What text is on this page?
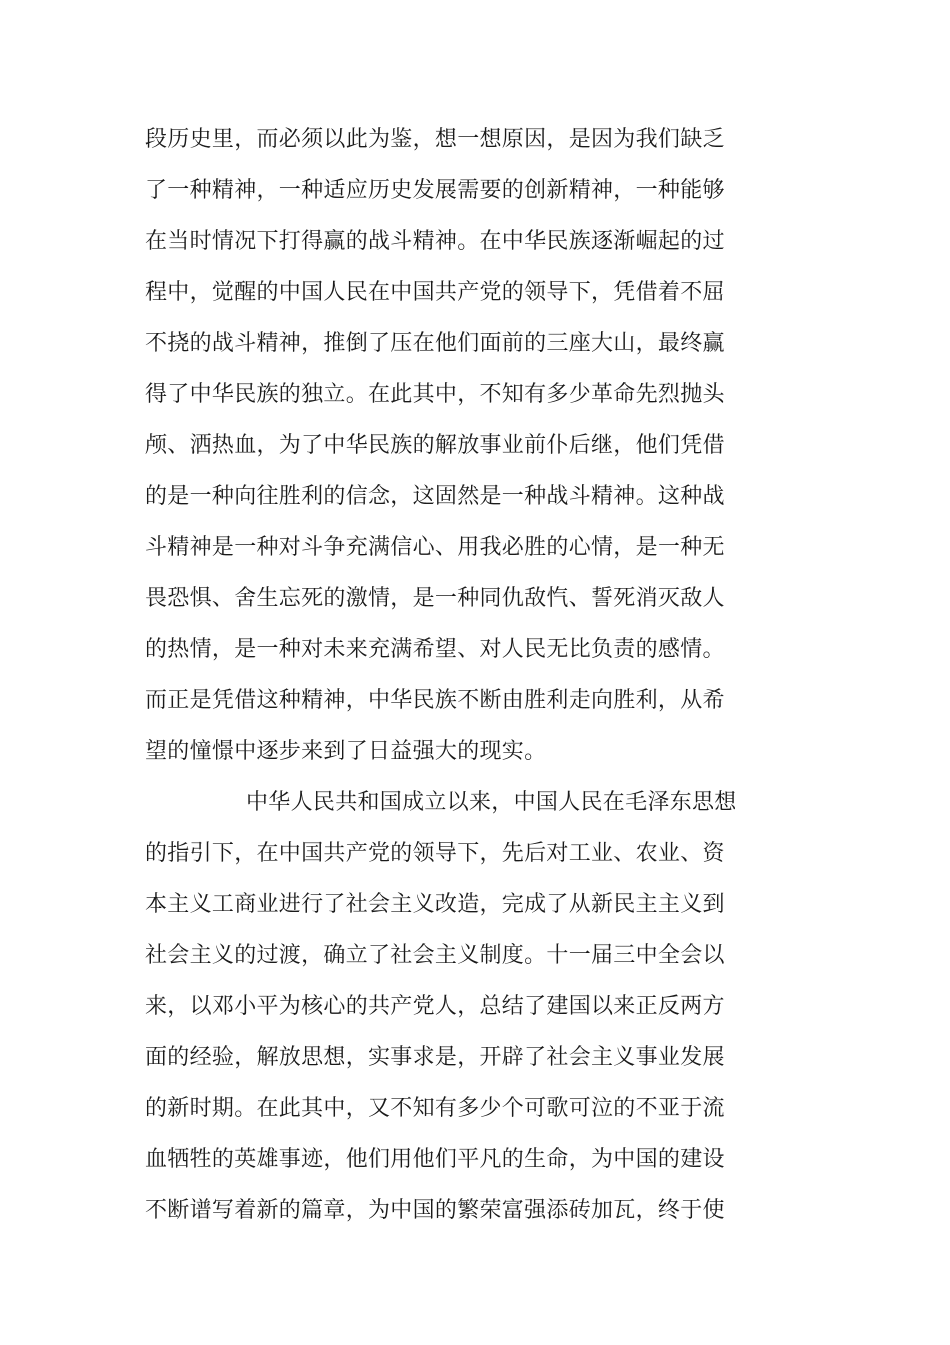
段历史里，而必须以此为鉴，想一想原因，是因为我们缺乏
了一种精神，一种适应历史发展需要的创新精神，一种能够
在当时情况下打得赢的战斗精神。在中华民族逐渐崛起的过
程中，觉醒的中国人民在中国共产党的领导下，凭借着不屈
不挠的战斗精神，推倒了压在他们面前的三座大山，最终赢
得了中华民族的独立。在此其中，不知有多少革命先烈抛头
颅、洒热血，为了中华民族的解放事业前仆后继，他们凭借
的是一种向往胜利的信念，这固然是一种战斗精神。这种战
斗精神是一种对斗争充满信心、用我必胜的心情，是一种无
畏恐惧、舍生忘死的激情，是一种同仇敌忾、誓死消灭敌人
的热情，是一种对未来充满希望、对人民无比负责的感情。
而正是凭借这种精神，中华民族不断由胜利走向胜利，从希
望的憧憬中逐步来到了日益强大的现实。
中华人民共和国成立以来，中国人民在毛泽东思想
的指引下，在中国共产党的领导下，先后对工业、农业、资
本主义工商业进行了社会主义改造，完成了从新民主主义到
社会主义的过渡，确立了社会主义制度。十一届三中全会以
来，以邓小平为核心的共产党人，总结了建国以来正反两方
面的经验，解放思想，实事求是，开辟了社会主义事业发展
的新时期。在此其中，又不知有多少个可歌可泣的不亚于流
血牺牲的英雄事迹，他们用他们平凡的生命，为中国的建设
不断谱写着新的篇章，为中国的繁荣富强添砖加瓦，终于使
